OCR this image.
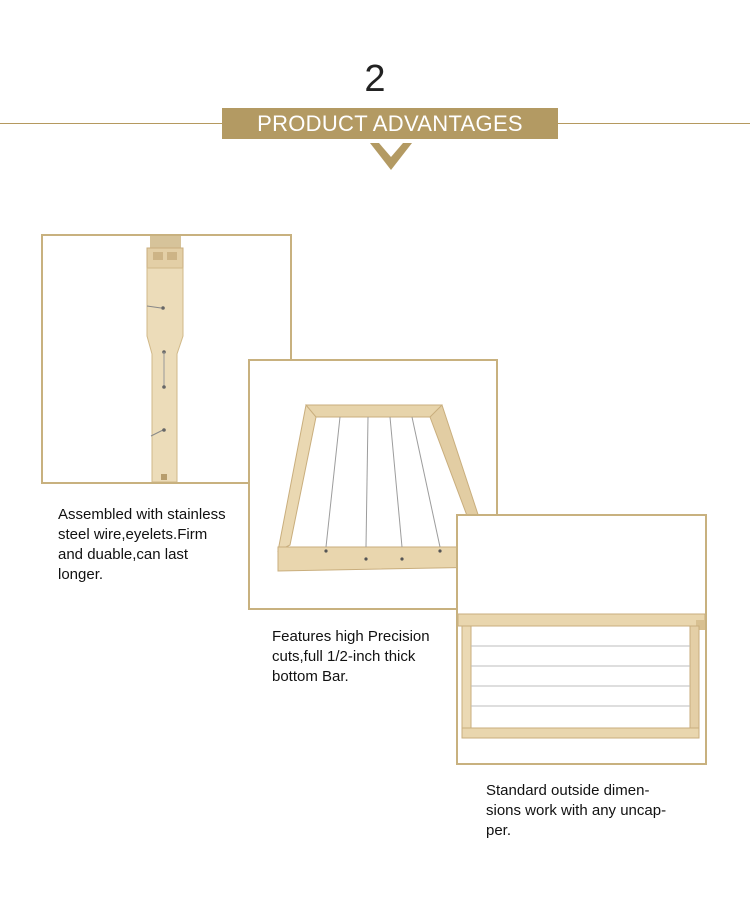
2
PRODUCT ADVANTAGES
Assembled with stainless
steel wire,eyelets.Firm
and duable,can last
longer.
Features high Precision
cuts,full 1/2-inch thick
bottom Bar.
Standard outside dimen-
sions work with any uncap-
per.
